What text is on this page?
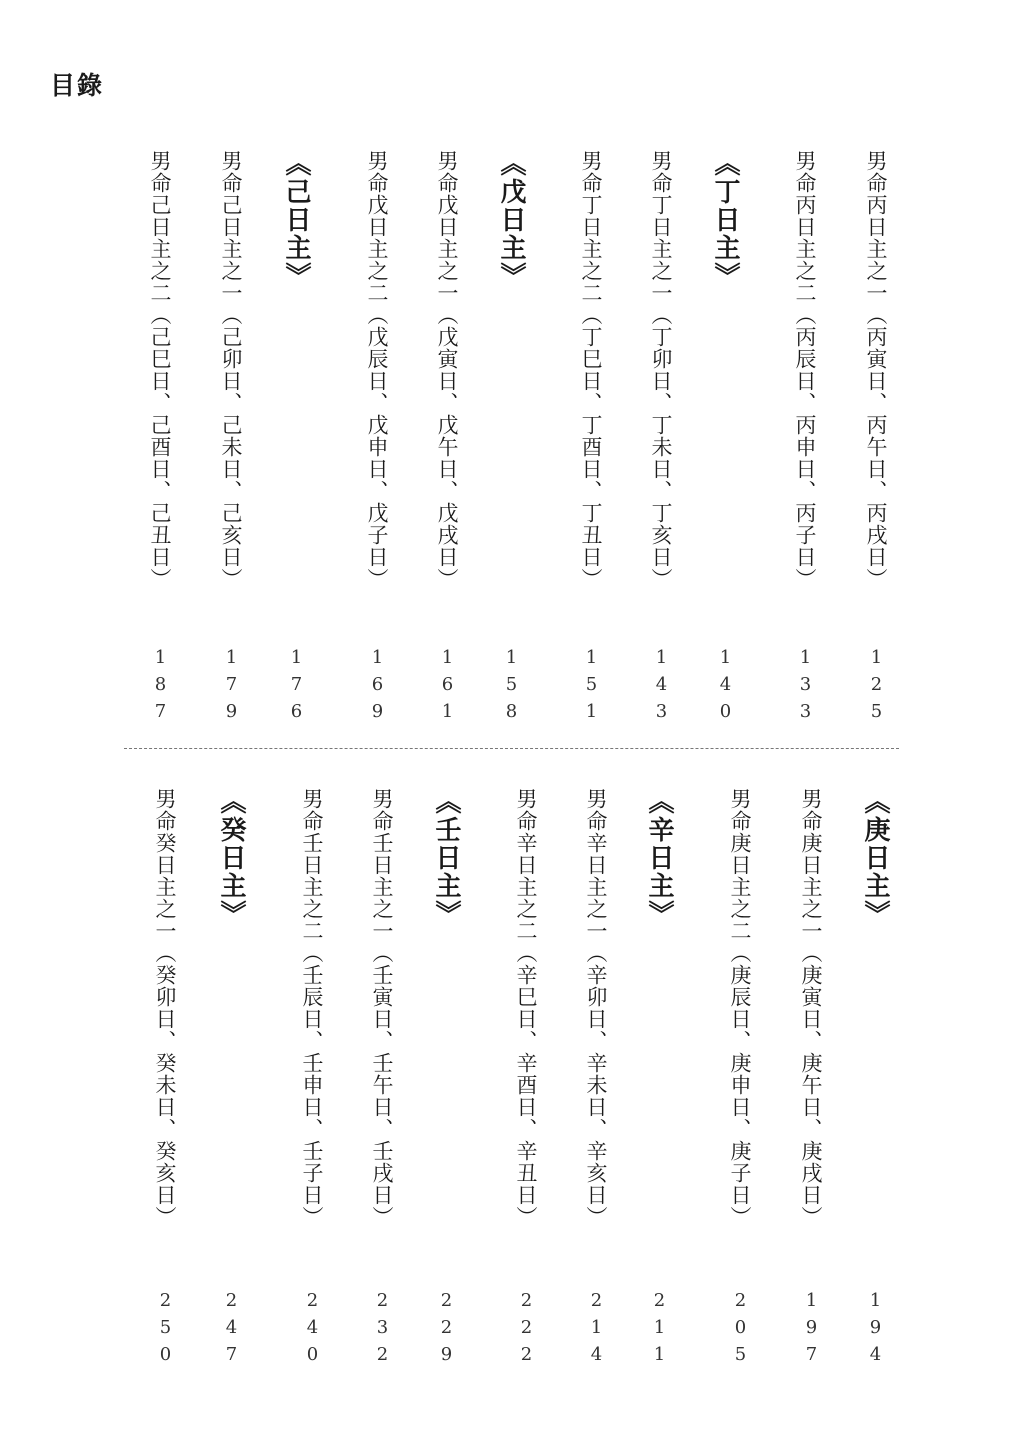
目錄
男命丙日主之一（丙寅日、丙午日、丙戌日）
125
男命丙日主之二（丙辰日、丙申日、丙子日）
133
《丁日主》
140
男命丁日主之一（丁卯日、丁未日、丁亥日）
143
男命丁日主之二（丁巳日、丁酉日、丁丑日）
151
《戊日主》
158
男命戊日主之一（戊寅日、戊午日、戊戌日）
161
男命戊日主之二（戊辰日、戊申日、戊子日）
169
《己日主》
176
男命己日主之一（己卯日、己未日、己亥日）
179
男命己日主之二（己巳日、己酉日、己丑日）
187
《庚日主》
194
男命庚日主之一（庚寅日、庚午日、庚戌日）
197
男命庚日主之二（庚辰日、庚申日、庚子日）
205
《辛日主》
211
男命辛日主之一（辛卯日、辛未日、辛亥日）
214
男命辛日主之二（辛巳日、辛酉日、辛丑日）
222
《壬日主》
229
男命壬日主之一（壬寅日、壬午日、壬戌日）
232
男命壬日主之二（壬辰日、壬申日、壬子日）
240
《癸日主》
247
男命癸日主之一（癸卯日、癸未日、癸亥日）
250
